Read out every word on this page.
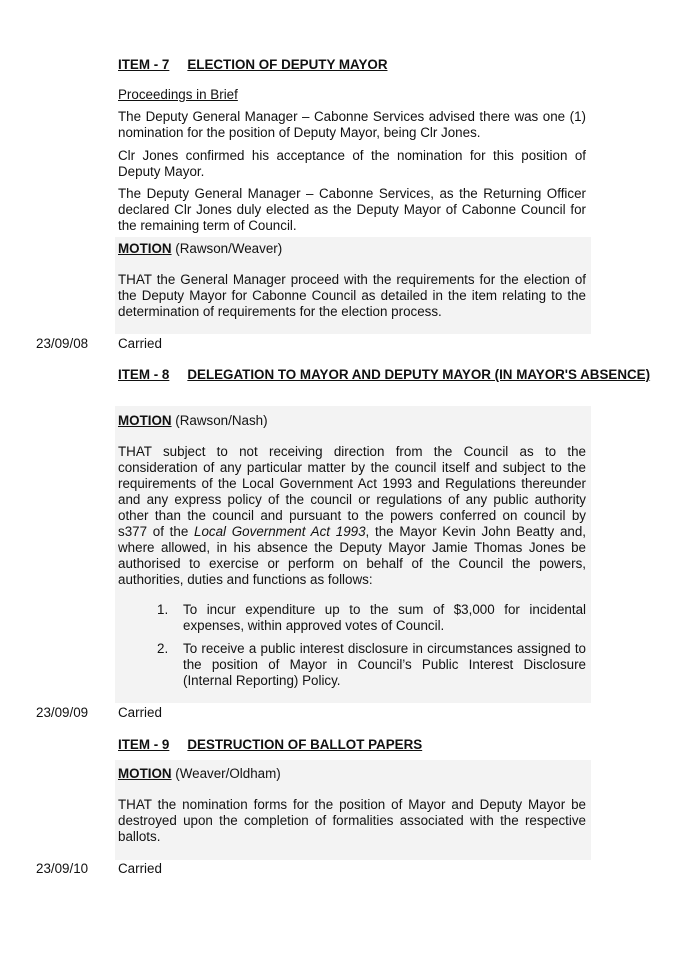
ITEM - 7 ELECTION OF DEPUTY MAYOR
Proceedings in Brief
The Deputy General Manager – Cabonne Services advised there was one (1) nomination for the position of Deputy Mayor, being Clr Jones.
Clr Jones confirmed his acceptance of the nomination for this position of Deputy Mayor.
The Deputy General Manager – Cabonne Services, as the Returning Officer declared Clr Jones duly elected as the Deputy Mayor of Cabonne Council for the remaining term of Council.
MOTION (Rawson/Weaver)
THAT the General Manager proceed with the requirements for the election of the Deputy Mayor for Cabonne Council as detailed in the item relating to the determination of requirements for the election process.
23/09/08 Carried
ITEM - 8 DELEGATION TO MAYOR AND DEPUTY MAYOR (IN MAYOR'S ABSENCE)
MOTION (Rawson/Nash)
THAT subject to not receiving direction from the Council as to the consideration of any particular matter by the council itself and subject to the requirements of the Local Government Act 1993 and Regulations thereunder and any express policy of the council or regulations of any public authority other than the council and pursuant to the powers conferred on council by s377 of the Local Government Act 1993, the Mayor Kevin John Beatty and, where allowed, in his absence the Deputy Mayor Jamie Thomas Jones be authorised to exercise or perform on behalf of the Council the powers, authorities, duties and functions as follows:
1.	To incur expenditure up to the sum of $3,000 for incidental expenses, within approved votes of Council.
2.	To receive a public interest disclosure in circumstances assigned to the position of Mayor in Council’s Public Interest Disclosure (Internal Reporting) Policy.
23/09/09 Carried
ITEM - 9 DESTRUCTION OF BALLOT PAPERS
MOTION (Weaver/Oldham)
THAT the nomination forms for the position of Mayor and Deputy Mayor be destroyed upon the completion of formalities associated with the respective ballots.
23/09/10 Carried
